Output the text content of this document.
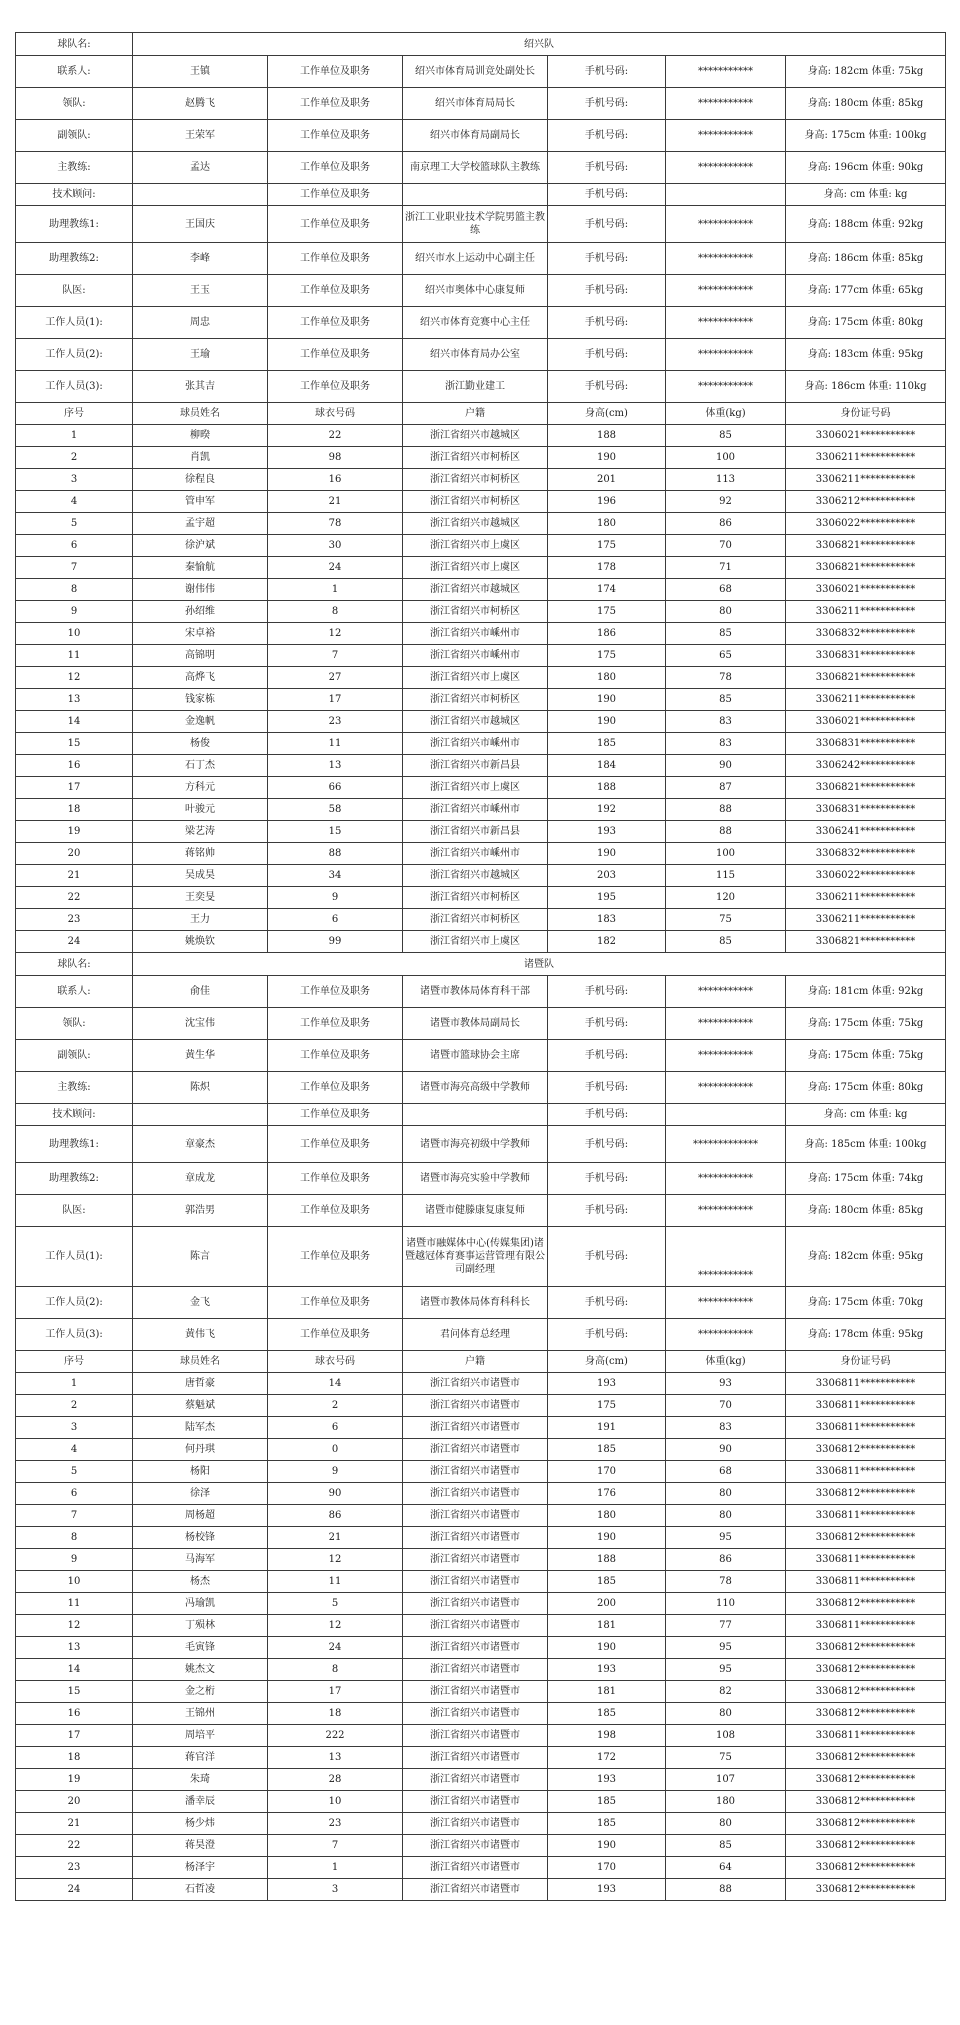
球队名:	绍兴队					
联系人:	王镇	工作单位及职务	绍兴市体育局训竞处副处长	手机号码:	***********	身高: 182cm 体重: 75kg
领队:	赵腾飞	工作单位及职务	绍兴市体育局局长	手机号码:	***********	身高: 180cm 体重: 85kg
副领队:	王荣军	工作单位及职务	绍兴市体育局副局长	手机号码:	***********	身高: 175cm 体重: 100kg
主教练:	孟达	工作单位及职务	南京理工大学校篮球队主教练	手机号码:	***********	身高: 196cm 体重: 90kg
技术顾问:		工作单位及职务		手机号码:		身高: cm 体重: kg
助理教练1:	王国庆	工作单位及职务	浙江工业职业技术学院男篮主教练	手机号码:	***********	身高: 188cm 体重: 92kg
助理教练2:	李峰	工作单位及职务	绍兴市水上运动中心副主任	手机号码:	***********	身高: 186cm 体重: 85kg
队医:	王玉	工作单位及职务	绍兴市奥体中心康复师	手机号码:	***********	身高: 177cm 体重: 65kg
工作人员(1):	周忠	工作单位及职务	绍兴市体育竞赛中心主任	手机号码:	***********	身高: 175cm 体重: 80kg
工作人员(2):	王瑜	工作单位及职务	绍兴市体育局办公室	手机号码:	***********	身高: 183cm 体重: 95kg
工作人员(3):	张其吉	工作单位及职务	浙江勤业建工	手机号码:	***********	身高: 186cm 体重: 110kg
序号	球员姓名	球衣号码	户籍	身高(cm)	体重(kg)	身份证号码
1	柳暌	22	浙江省绍兴市越城区	188	85	3306021***********
2	肖凯	98	浙江省绍兴市柯桥区	190	100	3306211***********
3	徐程良	16	浙江省绍兴市柯桥区	201	113	3306211***********
4	管申军	21	浙江省绍兴市柯桥区	196	92	3306212***********
5	孟宇超	78	浙江省绍兴市越城区	180	86	3306022***********
6	徐沪斌	30	浙江省绍兴市上虞区	175	70	3306821***********
7	秦愉航	24	浙江省绍兴市上虞区	178	71	3306821***********
8	谢伟伟	1	浙江省绍兴市越城区	174	68	3306021***********
9	孙绍维	8	浙江省绍兴市柯桥区	175	80	3306211***********
10	宋卓裕	12	浙江省绍兴市嵊州市	186	85	3306832***********
11	高锦明	7	浙江省绍兴市嵊州市	175	65	3306831***********
12	高烨飞	27	浙江省绍兴市上虞区	180	78	3306821***********
13	钱家栋	17	浙江省绍兴市柯桥区	190	85	3306211***********
14	金逸帆	23	浙江省绍兴市越城区	190	83	3306021***********
15	杨俊	11	浙江省绍兴市嵊州市	185	83	3306831***********
16	石丁杰	13	浙江省绍兴市新昌县	184	90	3306242***********
17	方科元	66	浙江省绍兴市上虞区	188	87	3306821***********
18	叶骏元	58	浙江省绍兴市嵊州市	192	88	3306831***********
19	梁艺涛	15	浙江省绍兴市新昌县	193	88	3306241***********
20	蒋铭帅	88	浙江省绍兴市嵊州市	190	100	3306832***********
21	吴成昊	34	浙江省绍兴市越城区	203	115	3306022***********
22	王奕旻	9	浙江省绍兴市柯桥区	195	120	3306211***********
23	王力	6	浙江省绍兴市柯桥区	183	75	3306211***********
24	姚焕钦	99	浙江省绍兴市上虞区	182	85	3306821***********
球队名:	诸暨队					
联系人:	俞佳	工作单位及职务	诸暨市教体局体育科干部	手机号码:	***********	身高: 181cm 体重: 92kg
领队:	沈宝伟	工作单位及职务	诸暨市教体局副局长	手机号码:	***********	身高: 175cm 体重: 75kg
副领队:	黄生华	工作单位及职务	诸暨市篮球协会主席	手机号码:	***********	身高: 175cm 体重: 75kg
主教练:	陈炽	工作单位及职务	诸暨市海亮高级中学教师	手机号码:	***********	身高: 175cm 体重: 80kg
技术顾问:		工作单位及职务		手机号码:		身高: cm 体重: kg
助理教练1:	章豪杰	工作单位及职务	诸暨市海亮初级中学教师	手机号码:	*************	身高: 185cm 体重: 100kg
助理教练2:	章成龙	工作单位及职务	诸暨市海亮实验中学教师	手机号码:	***********	身高: 175cm 体重: 74kg
队医:	郭浩男	工作单位及职务	诸暨市健滕康复康复师	手机号码:	***********	身高: 180cm 体重: 85kg
工作人员(1):	陈言	工作单位及职务	诸暨市融媒体中心(传媒集团)诸暨越冠体育赛事运营管理有限公司副经理	手机号码:	***********	身高: 182cm 体重: 95kg
工作人员(2):	金飞	工作单位及职务	诸暨市教体局体育科科长	手机号码:	***********	身高: 175cm 体重: 70kg
工作人员(3):	黄伟飞	工作单位及职务	君问体育总经理	手机号码:	***********	身高: 178cm 体重: 95kg
序号	球员姓名	球衣号码	户籍	身高(cm)	体重(kg)	身份证号码
1	唐哲豪	14	浙江省绍兴市诸暨市	193	93	3306811***********
2	蔡魁斌	2	浙江省绍兴市诸暨市	175	70	3306811***********
3	陆军杰	6	浙江省绍兴市诸暨市	191	83	3306811***********
4	何丹琪	0	浙江省绍兴市诸暨市	185	90	3306812***********
5	杨阳	9	浙江省绍兴市诸暨市	170	68	3306811***********
6	徐泽	90	浙江省绍兴市诸暨市	176	80	3306812***********
7	周杨超	86	浙江省绍兴市诸暨市	180	80	3306811***********
8	杨校锋	21	浙江省绍兴市诸暨市	190	95	3306812***********
9	马海军	12	浙江省绍兴市诸暨市	188	86	3306811***********
10	杨杰	11	浙江省绍兴市诸暨市	185	78	3306811***********
11	冯瑜凯	5	浙江省绍兴市诸暨市	200	110	3306812***********
12	丁殒林	12	浙江省绍兴市诸暨市	181	77	3306811***********
13	毛寅锋	24	浙江省绍兴市诸暨市	190	95	3306812***********
14	姚杰文	8	浙江省绍兴市诸暨市	193	95	3306812***********
15	金之桁	17	浙江省绍兴市诸暨市	181	82	3306812***********
16	王锦州	18	浙江省绍兴市诸暨市	185	80	3306812***********
17	周培平	222	浙江省绍兴市诸暨市	198	108	3306811***********
18	蒋官洋	13	浙江省绍兴市诸暨市	172	75	3306812***********
19	朱琦	28	浙江省绍兴市诸暨市	193	107	3306812***********
20	潘幸辰	10	浙江省绍兴市诸暨市	185	180	3306812***********
21	杨少炜	23	浙江省绍兴市诸暨市	185	80	3306812***********
22	蒋昊澄	7	浙江省绍兴市诸暨市	190	85	3306812***********
23	杨泽宇	1	浙江省绍兴市诸暨市	170	64	3306812***********
24	石哲凌	3	浙江省绍兴市诸暨市	193	88	3306812***********
